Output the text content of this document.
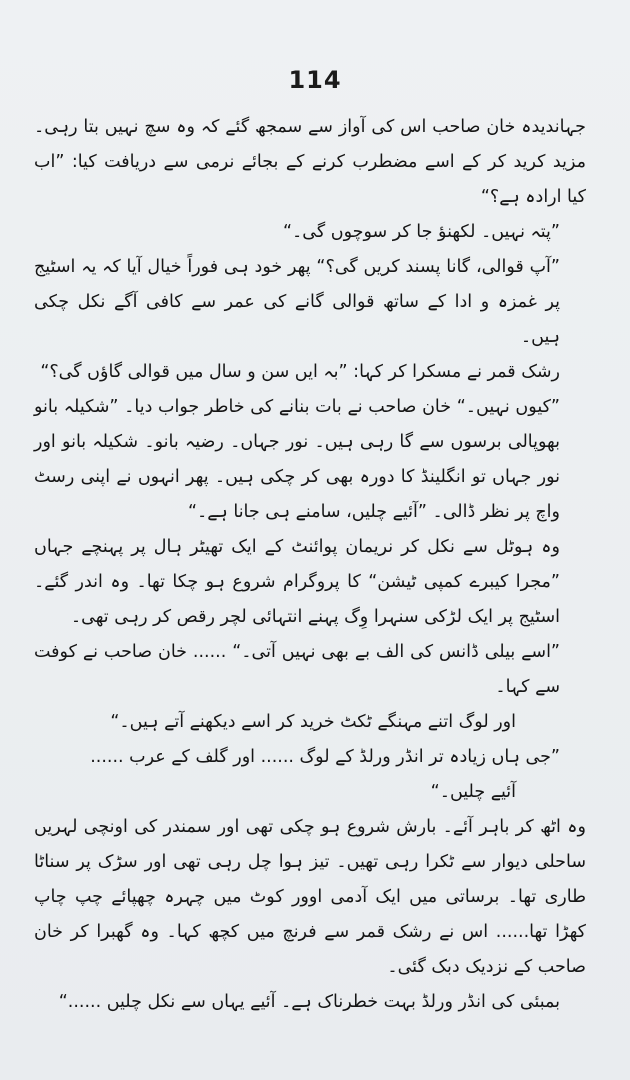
114

جہاندیدہ خان صاحب اس کی آواز سے سمجھ گئے کہ وہ سچ نہیں بتا رہی۔ مزید کرید کر کے اسے مضطرب کرنے کے بجائے نرمی سے دریافت کیا: ”اب کیا ارادہ ہے؟“

”پتہ نہیں۔ لکھنؤ جا کر سوچوں گی۔“

”آپ قوالی، گانا پسند کریں گی؟“ پھر خود ہی فوراً خیال آیا کہ یہ اسٹیج پر غمزہ و ادا کے ساتھ قوالی گانے کی عمر سے کافی آگے نکل چکی ہیں۔

رشک قمر نے مسکرا کر کہا: ”بہ ایں سن و سال میں قوالی گاؤں گی؟“

”کیوں نہیں۔“ خان صاحب نے بات بنانے کی خاطر جواب دیا۔ ”شکیلہ بانو بھوپالی برسوں سے گا رہی ہیں۔ نور جہاں۔ رضیہ بانو۔ شکیلہ بانو اور نور جہاں تو انگلینڈ کا دورہ بھی کر چکی ہیں۔ پھر انہوں نے اپنی رسٹ واچ پر نظر ڈالی۔ ”آئیے چلیں، سامنے ہی جانا ہے۔“

وہ ہوٹل سے نکل کر نریمان پوائنٹ کے ایک تھیٹر ہال پر پہنچے جہاں ”مجرا کیبرے کمپی ٹیشن“ کا پروگرام شروع ہو چکا تھا۔ وہ اندر گئے۔ اسٹیج پر ایک لڑکی سنہرا وِگ پہنے انتہائی لچر رقص کر رہی تھی۔

”اسے بیلی ڈانس کی الف بے بھی نہیں آتی۔“ ...... خان صاحب نے کوفت سے کہا۔

اور لوگ اتنے مہنگے ٹکٹ خرید کر اسے دیکھنے آتے ہیں۔“

”جی ہاں زیادہ تر انڈر ورلڈ کے لوگ ...... اور گلف کے عرب ......

آئیے چلیں۔“

وہ اٹھ کر باہر آئے۔ بارش شروع ہو چکی تھی اور سمندر کی اونچی لہریں ساحلی دیوار سے ٹکرا رہی تھیں۔ تیز ہوا چل رہی تھی اور سڑک پر سناٹا طاری تھا۔ برساتی میں ایک آدمی اوور کوٹ میں چہرہ چھپائے چپ چاپ کھڑا تھا...... اس نے رشک قمر سے فرنچ میں کچھ کہا۔ وہ گھبرا کر خان صاحب کے نزدیک دبک گئی۔

بمبئی کی انڈر ورلڈ بہت خطرناک ہے۔ آئیے یہاں سے نکل چلیں ......“
